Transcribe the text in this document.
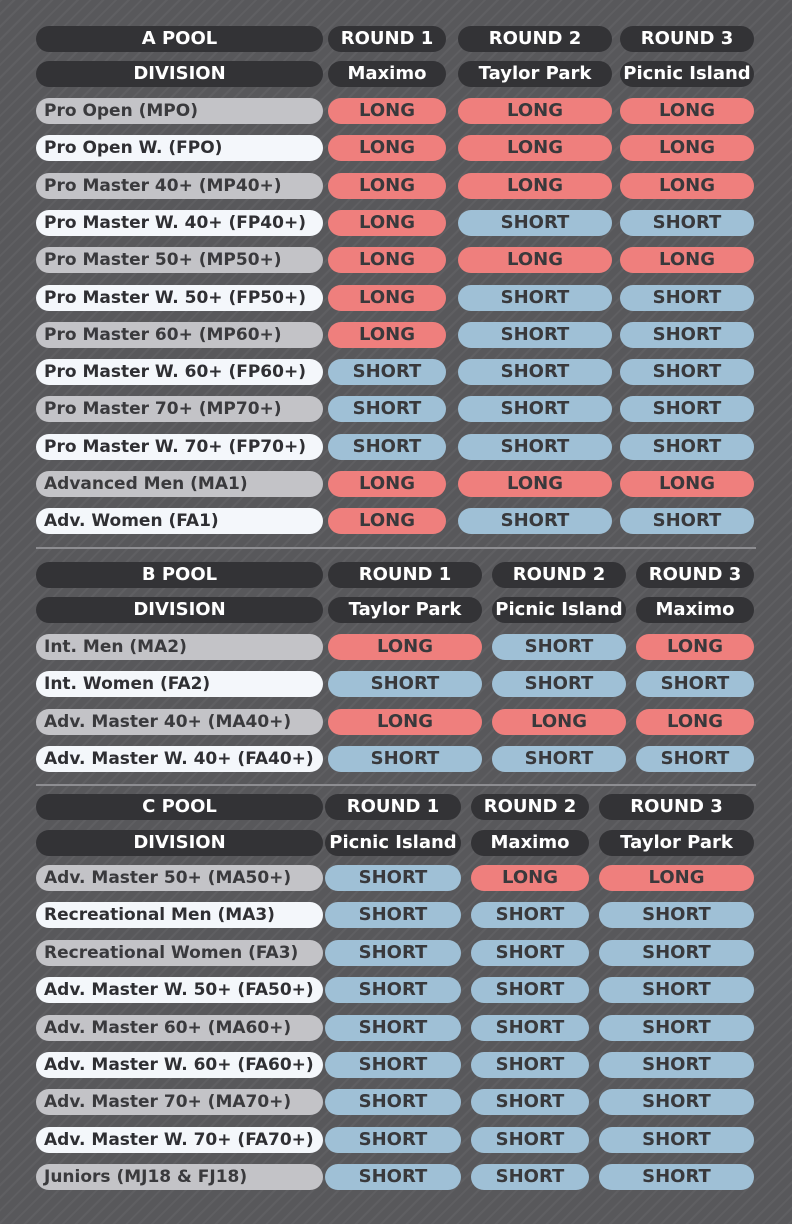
A POOL	ROUND 1	ROUND 2	ROUND 3
DIVISION	Maximo	Taylor Park	Picnic Island
Pro Open (MPO)	LONG	LONG	LONG
Pro Open W. (FPO)	LONG	LONG	LONG
Pro Master 40+ (MP40+)	LONG	LONG	LONG
Pro Master W. 40+ (FP40+)	LONG	SHORT	SHORT
Pro Master 50+ (MP50+)	LONG	LONG	LONG
Pro Master W. 50+ (FP50+)	LONG	SHORT	SHORT
Pro Master 60+ (MP60+)	LONG	SHORT	SHORT
Pro Master W. 60+ (FP60+)	SHORT	SHORT	SHORT
Pro Master 70+ (MP70+)	SHORT	SHORT	SHORT
Pro Master W. 70+ (FP70+)	SHORT	SHORT	SHORT
Advanced Men (MA1)	LONG	LONG	LONG
Adv. Women (FA1)	LONG	SHORT	SHORT
B POOL	ROUND 1	ROUND 2	ROUND 3
DIVISION	Taylor Park	Picnic Island	Maximo
Int. Men (MA2)	LONG	SHORT	LONG
Int. Women (FA2)	SHORT	SHORT	SHORT
Adv. Master 40+ (MA40+)	LONG	LONG	LONG
Adv. Master W. 40+ (FA40+)	SHORT	SHORT	SHORT
C POOL	ROUND 1	ROUND 2	ROUND 3
DIVISION	Picnic Island	Maximo	Taylor Park
Adv. Master 50+ (MA50+)	SHORT	LONG	LONG
Recreational Men (MA3)	SHORT	SHORT	SHORT
Recreational Women (FA3)	SHORT	SHORT	SHORT
Adv. Master W. 50+ (FA50+)	SHORT	SHORT	SHORT
Adv. Master 60+ (MA60+)	SHORT	SHORT	SHORT
Adv. Master W. 60+ (FA60+)	SHORT	SHORT	SHORT
Adv. Master 70+ (MA70+)	SHORT	SHORT	SHORT
Adv. Master W. 70+ (FA70+)	SHORT	SHORT	SHORT
Juniors (MJ18 & FJ18)	SHORT	SHORT	SHORT
